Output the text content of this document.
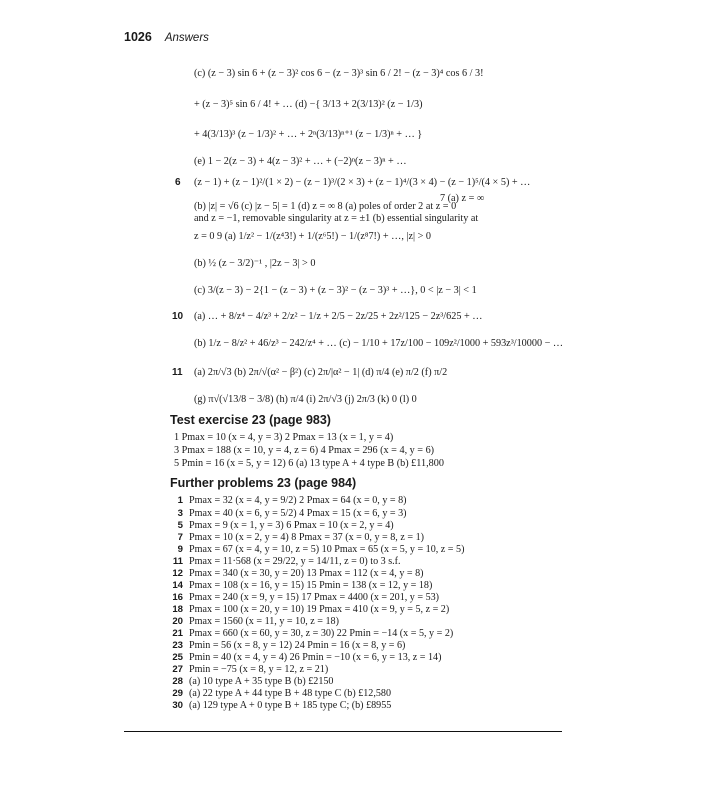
1026 Answers
(c) (z − 3) sin 6 + (z − 3)² cos 6 − (z − 3)³ sin 6 / 2! − (z − 3)⁴ cos 6 / 3!
+ (z − 3)⁵ sin 6 / 4! + … (d) −{ 3/13 + 2(3/13)² (z − 1/3)
+ 4(3/13)³ (z − 1/3)² + … + 2ⁿ(3/13)ⁿ⁺¹ (z − 1/3)ⁿ + … }
(e) 1 − 2(z − 3) + 4(z − 3)² + … + (−2)ⁿ(z − 3)ⁿ + …
6 (z − 1) + (z − 1)²/(1 × 2) − (z − 1)³/(2 × 3) + (z − 1)⁴/(3 × 4) − (z − 1)⁵/(4 × 5) + …
7 (a) z = ∞
(b) |z| = √6 (c) |z − 5| = 1 (d) z = ∞ 8 (a) poles of order 2 at z = 0
and z = −1, removable singularity at z = ±1 (b) essential singularity at
z = 0 9 (a) 1/z² − 1/(z⁴3!) + 1/(z⁶5!) − 1/(z⁸7!) + …, |z| > 0
(b) ½ (z − 3/2)⁻¹ , |2z − 3| > 0
(c) 3/(z − 3) − 2{1 − (z − 3) + (z − 3)² − (z − 3)³ + …}, 0 < |z − 3| < 1
10 (a) … + 8/z⁴ − 4/z³ + 2/z² − 1/z + 2/5 − 2z/25 + 2z²/125 − 2z³/625 + …
(b) 1/z − 8/z² + 46/z³ − 242/z⁴ + … (c) − 1/10 + 17z/100 − 109z²/1000 + 593z³/10000 − …
11 (a) 2π/√3 (b) 2π/√(α² − β²) (c) 2π/|α² − 1| (d) π/4 (e) π/2 (f) π/2
(g) π√(√13/8 − 3/8) (h) π/4 (i) 2π/√3 (j) 2π/3 (k) 0 (l) 0
Test exercise 23 (page 983)
1 Pmax = 10 (x = 4, y = 3) 2 Pmax = 13 (x = 1, y = 4)
3 Pmax = 188 (x = 10, y = 4, z = 6) 4 Pmax = 296 (x = 4, y = 6)
5 Pmin = 16 (x = 5, y = 12) 6 (a) 13 type A + 4 type B (b) £11,800
Further problems 23 (page 984)
1 Pmax = 32 (x = 4, y = 9/2) 2 Pmax = 64 (x = 0, y = 8)
3 Pmax = 40 (x = 6, y = 5/2) 4 Pmax = 15 (x = 6, y = 3)
5 Pmax = 9 (x = 1, y = 3) 6 Pmax = 10 (x = 2, y = 4)
7 Pmax = 10 (x = 2, y = 4) 8 Pmax = 37 (x = 0, y = 8, z = 1)
9 Pmax = 67 (x = 4, y = 10, z = 5) 10 Pmax = 65 (x = 5, y = 10, z = 5)
11 Pmax = 11·568 (x = 29/22, y = 14/11, z = 0) to 3 s.f.
12 Pmax = 340 (x = 30, y = 20) 13 Pmax = 112 (x = 4, y = 8)
14 Pmax = 108 (x = 16, y = 15) 15 Pmin = 138 (x = 12, y = 18)
16 Pmax = 240 (x = 9, y = 15) 17 Pmax = 4400 (x = 201, y = 53)
18 Pmax = 100 (x = 20, y = 10) 19 Pmax = 410 (x = 9, y = 5, z = 2)
20 Pmax = 1560 (x = 11, y = 10, z = 18)
21 Pmax = 660 (x = 60, y = 30, z = 30) 22 Pmin = −14 (x = 5, y = 2)
23 Pmin = 56 (x = 8, y = 12) 24 Pmin = 16 (x = 8, y = 6)
25 Pmin = 40 (x = 4, y = 4) 26 Pmin = −10 (x = 6, y = 13, z = 14)
27 Pmin = −75 (x = 8, y = 12, z = 21)
28 (a) 10 type A + 35 type B (b) £2150
29 (a) 22 type A + 44 type B + 48 type C (b) £12,580
30 (a) 129 type A + 0 type B + 185 type C; (b) £8955
